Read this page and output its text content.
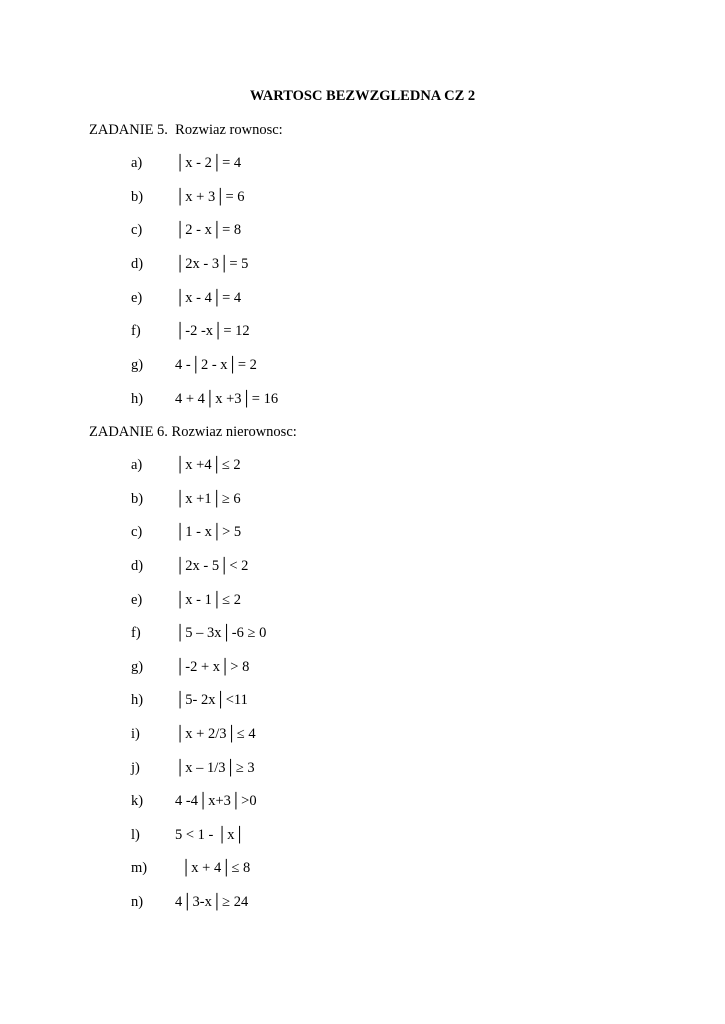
WARTOSC BEZWZGLEDNA CZ 2
ZADANIE 5.  Rozwiaz rownosc:
a) │x - 2│= 4
b) │x + 3│= 6
c) │2 - x│= 8
d) │2x - 3│= 5
e) │x - 4│= 4
f) │-2 -x│= 12
g) 4 -│2 - x│= 2
h) 4 + 4│x +3│= 16
ZADANIE 6. Rozwiaz nierownosc:
a) │x +4│≤ 2
b) │x +1│≥ 6
c) │1 - x│> 5
d) │2x - 5│< 2
e) │x - 1│≤ 2
f) │5 – 3x│-6 ≥ 0
g) │-2 + x│> 8
h) │5- 2x│<11
i) │x + 2/3│≤ 4
j) │x – 1/3│≥ 3
k) 4 -4│x+3│>0
l) 5 < 1 - │x│
m) │x + 4│≤ 8
n) 4│3-x│≥ 24
